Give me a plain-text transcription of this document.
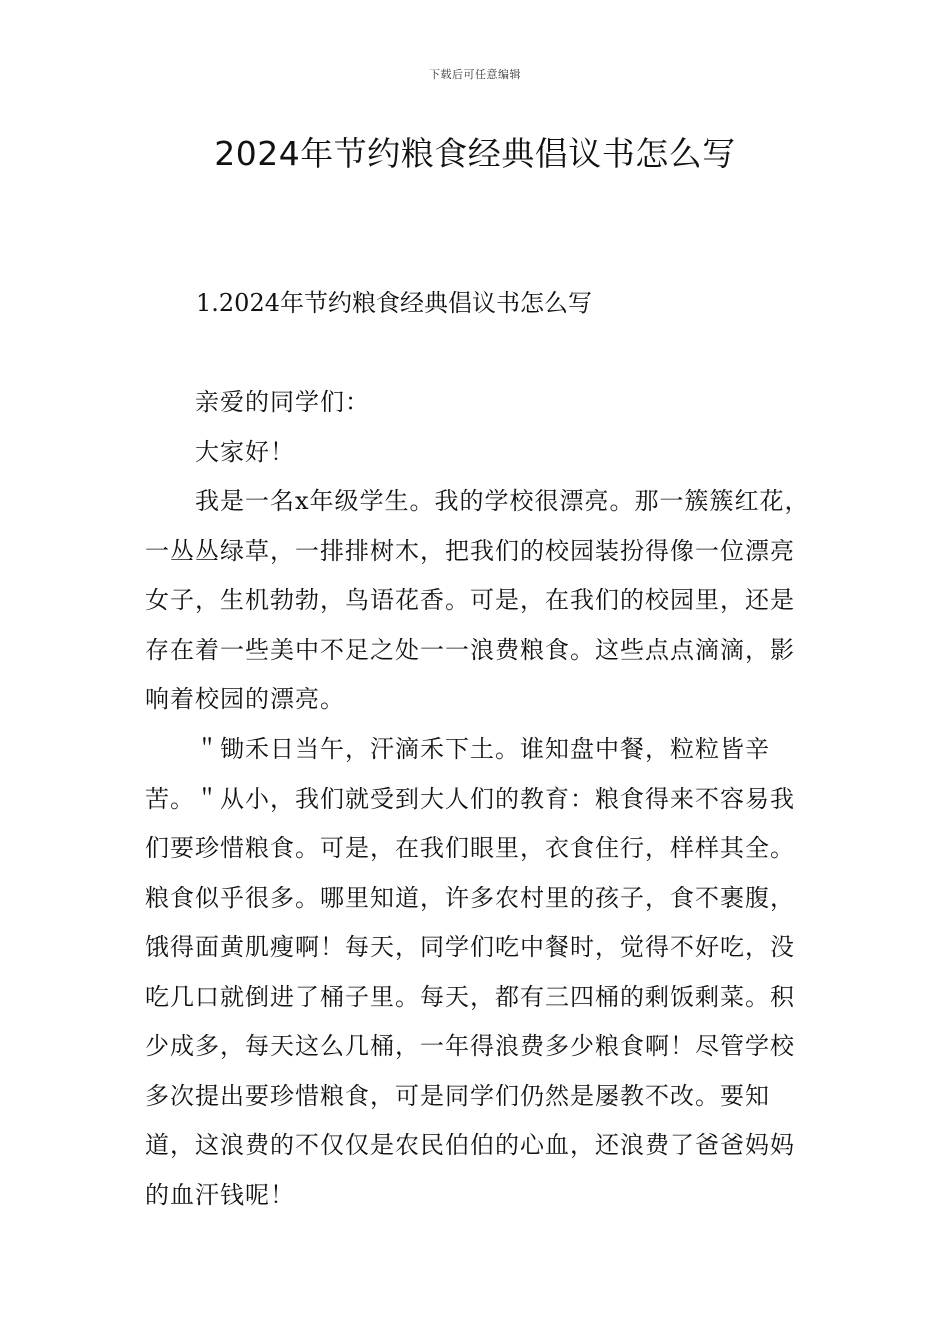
下载后可任意编辑
2024年节约粮食经典倡议书怎么写
1.2024年节约粮食经典倡议书怎么写

亲爱的同学们：

大家好！

我是一名x年级学生。我的学校很漂亮。那一簇簇红花，一丛丛绿草，一排排树木，把我们的校园装扮得像一位漂亮女子，生机勃勃，鸟语花香。可是，在我们的校园里，还是存在着一些美中不足之处一一浪费粮食。这些点点滴滴，影响着校园的漂亮。

＂锄禾日当午，汗滴禾下土。谁知盘中餐，粒粒皆辛苦。＂从小，我们就受到大人们的教育：粮食得来不容易我们要珍惜粮食。可是，在我们眼里，衣食住行，样样其全。粮食似乎很多。哪里知道，许多农村里的孩子，食不裹腹，饿得面黄肌瘦啊！每天，同学们吃中餐时，觉得不好吃，没吃几口就倒进了桶子里。每天，都有三四桶的剩饭剩菜。积少成多，每天这么几桶，一年得浪费多少粮食啊！尽管学校多次提出要珍惜粮食，可是同学们仍然是屡教不改。要知道，这浪费的不仅仅是农民伯伯的心血，还浪费了爸爸妈妈的血汗钱呢！
